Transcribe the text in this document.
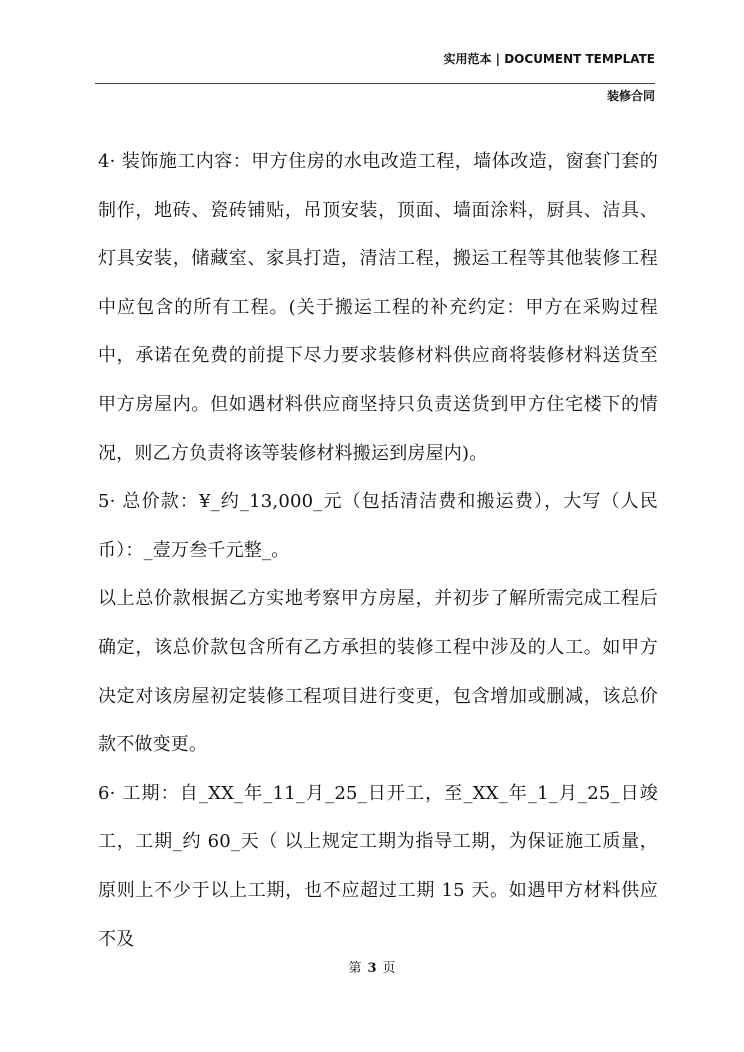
实用范本 | DOCUMENT TEMPLATE
装修合同

4· 装饰施工内容：甲方住房的水电改造工程，墙体改造，窗套门套的制作，地砖、瓷砖铺贴，吊顶安装，顶面、墙面涂料，厨具、洁具、灯具安装，储藏室、家具打造，清洁工程，搬运工程等其他装修工程中应包含的所有工程。(关于搬运工程的补充约定：甲方在采购过程中，承诺在免费的前提下尽力要求装修材料供应商将装修材料送货至甲方房屋内。但如遇材料供应商坚持只负责送货到甲方住宅楼下的情况，则乙方负责将该等装修材料搬运到房屋内)。

5· 总价款：¥_约_13,000_元（包括清洁费和搬运费），大写（人民币）：_壹万叁千元整_。

以上总价款根据乙方实地考察甲方房屋，并初步了解所需完成工程后确定，该总价款包含所有乙方承担的装修工程中涉及的人工。如甲方决定对该房屋初定装修工程项目进行变更，包含增加或删减，该总价款不做变更。

6· 工期：自_XX_年_11_月_25_日开工，至_XX_年_1_月_25_日竣工，工期_约 60_天（ 以上规定工期为指导工期，为保证施工质量，原则上不少于以上工期，也不应超过工期 15 天。如遇甲方材料供应不及

第 3 页
